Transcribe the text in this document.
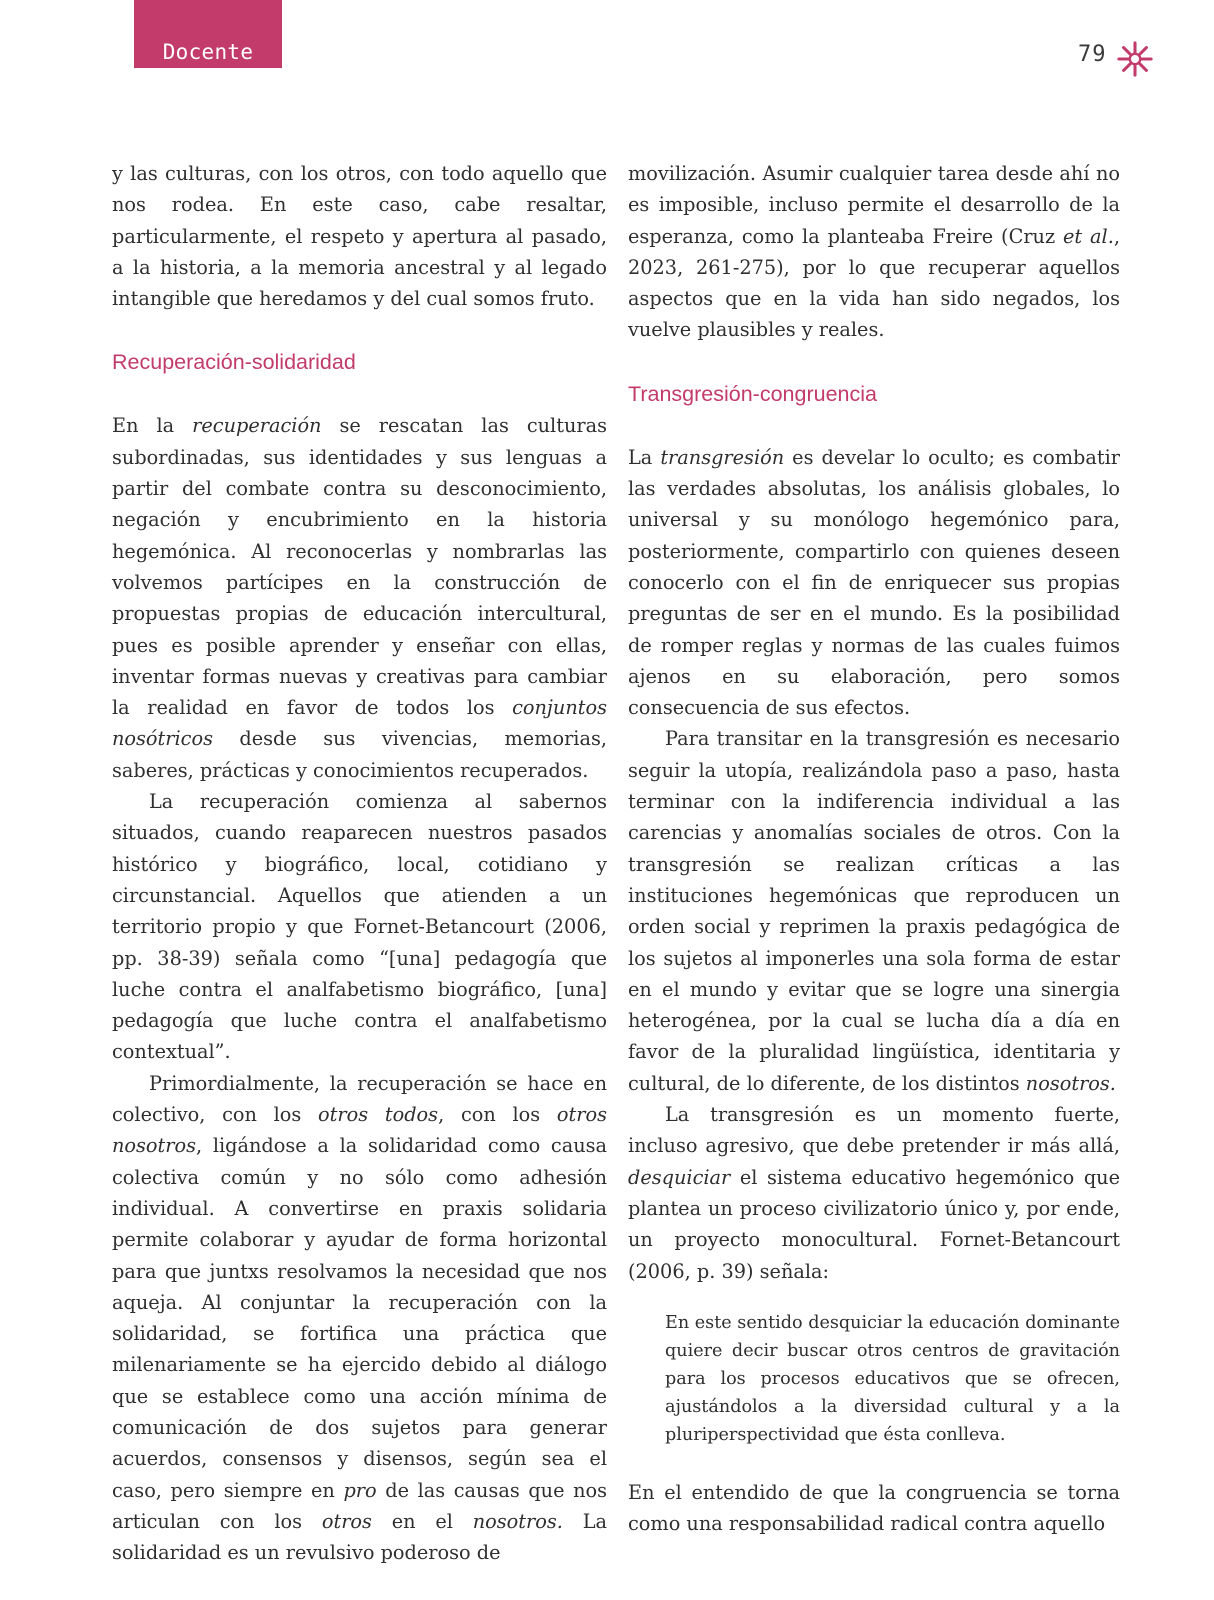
Docente	79

y las culturas, con los otros, con todo aquello que nos rodea. En este caso, cabe resaltar, particularmente, el respeto y apertura al pasado, a la historia, a la memoria ancestral y al legado intangible que heredamos y del cual somos fruto.

Recuperación-solidaridad

En la recuperación se rescatan las culturas subordinadas, sus identidades y sus lenguas a partir del combate contra su desconocimiento, negación y encubrimiento en la historia hegemónica. Al reconocerlas y nombrarlas las volvemos partícipes en la construcción de propuestas propias de educación intercultural, pues es posible aprender y enseñar con ellas, inventar formas nuevas y creativas para cambiar la realidad en favor de todos los conjuntos nosótricos desde sus vivencias, memorias, saberes, prácticas y conocimientos recuperados.

La recuperación comienza al sabernos situados, cuando reaparecen nuestros pasados histórico y biográfico, local, cotidiano y circunstancial. Aquellos que atienden a un territorio propio y que Fornet-Betancourt (2006, pp. 38-39) señala como “[una] pedagogía que luche contra el analfabetismo biográfico, [una] pedagogía que luche contra el analfabetismo contextual”.

Primordialmente, la recuperación se hace en colectivo, con los otros todos, con los otros nosotros, ligándose a la solidaridad como causa colectiva común y no sólo como adhesión individual. A convertirse en praxis solidaria permite colaborar y ayudar de forma horizontal para que juntxs resolvamos la necesidad que nos aqueja. Al conjuntar la recuperación con la solidaridad, se fortifica una práctica que milenariamente se ha ejercido debido al diálogo que se establece como una acción mínima de comunicación de dos sujetos para generar acuerdos, consensos y disensos, según sea el caso, pero siempre en pro de las causas que nos articulan con los otros en el nosotros. La solidaridad es un revulsivo poderoso de

movilización. Asumir cualquier tarea desde ahí no es imposible, incluso permite el desarrollo de la esperanza, como la planteaba Freire (Cruz et al., 2023, 261-275), por lo que recuperar aquellos aspectos que en la vida han sido negados, los vuelve plausibles y reales.

Transgresión-congruencia

La transgresión es develar lo oculto; es combatir las verdades absolutas, los análisis globales, lo universal y su monólogo hegemónico para, posteriormente, compartirlo con quienes deseen conocerlo con el fin de enriquecer sus propias preguntas de ser en el mundo. Es la posibilidad de romper reglas y normas de las cuales fuimos ajenos en su elaboración, pero somos consecuencia de sus efectos.

Para transitar en la transgresión es necesario seguir la utopía, realizándola paso a paso, hasta terminar con la indiferencia individual a las carencias y anomalías sociales de otros. Con la transgresión se realizan críticas a las instituciones hegemónicas que reproducen un orden social y reprimen la praxis pedagógica de los sujetos al imponerles una sola forma de estar en el mundo y evitar que se logre una sinergia heterogénea, por la cual se lucha día a día en favor de la pluralidad lingüística, identitaria y cultural, de lo diferente, de los distintos nosotros.

La transgresión es un momento fuerte, incluso agresivo, que debe pretender ir más allá, desquiciar el sistema educativo hegemónico que plantea un proceso civilizatorio único y, por ende, un proyecto monocultural. Fornet-Betancourt (2006, p. 39) señala:

En este sentido desquiciar la educación dominante quiere decir buscar otros centros de gravitación para los procesos educativos que se ofrecen, ajustándolos a la diversidad cultural y a la pluriperspectividad que ésta conlleva.

En el entendido de que la congruencia se torna como una responsabilidad radical contra aquello
